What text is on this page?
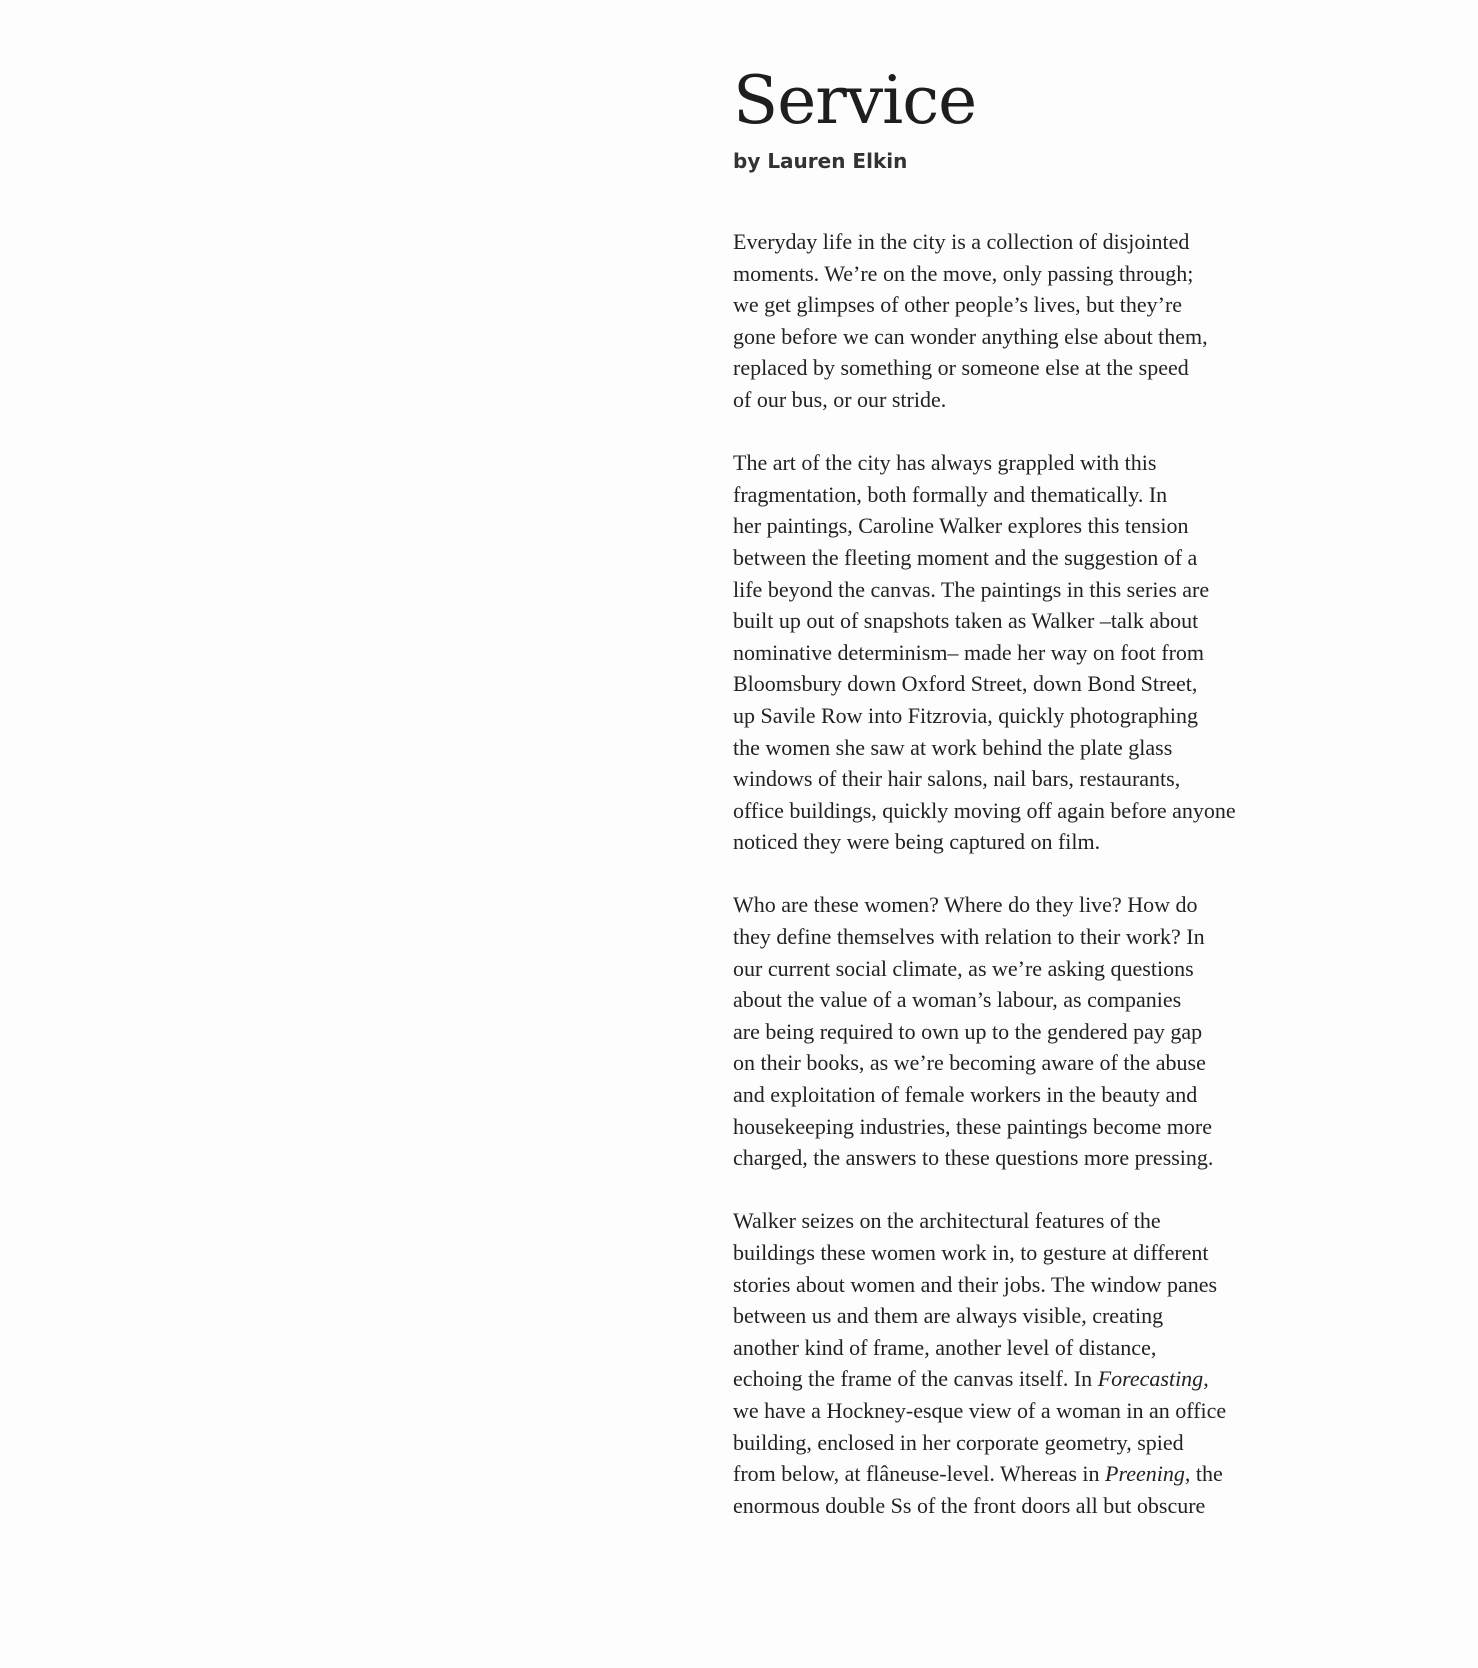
Service
by Lauren Elkin

Everyday life in the city is a collection of disjointed
moments. We’re on the move, only passing through;
we get glimpses of other people’s lives, but they’re
gone before we can wonder anything else about them,
replaced by something or someone else at the speed
of our bus, or our stride.

The art of the city has always grappled with this
fragmentation, both formally and thematically. In
her paintings, Caroline Walker explores this tension
between the fleeting moment and the suggestion of a
life beyond the canvas. The paintings in this series are
built up out of snapshots taken as Walker –talk about
nominative determinism– made her way on foot from
Bloomsbury down Oxford Street, down Bond Street,
up Savile Row into Fitzrovia, quickly photographing
the women she saw at work behind the plate glass
windows of their hair salons, nail bars, restaurants,
office buildings, quickly moving off again before anyone
noticed they were being captured on film.

Who are these women? Where do they live? How do
they define themselves with relation to their work? In
our current social climate, as we’re asking questions
about the value of a woman’s labour, as companies
are being required to own up to the gendered pay gap
on their books, as we’re becoming aware of the abuse
and exploitation of female workers in the beauty and
housekeeping industries, these paintings become more
charged, the answers to these questions more pressing.

Walker seizes on the architectural features of the
buildings these women work in, to gesture at different
stories about women and their jobs. The window panes
between us and them are always visible, creating
another kind of frame, another level of distance,
echoing the frame of the canvas itself. In Forecasting,
we have a Hockney-esque view of a woman in an office
building, enclosed in her corporate geometry, spied
from below, at flâneuse-level. Whereas in Preening, the
enormous double Ss of the front doors all but obscure
